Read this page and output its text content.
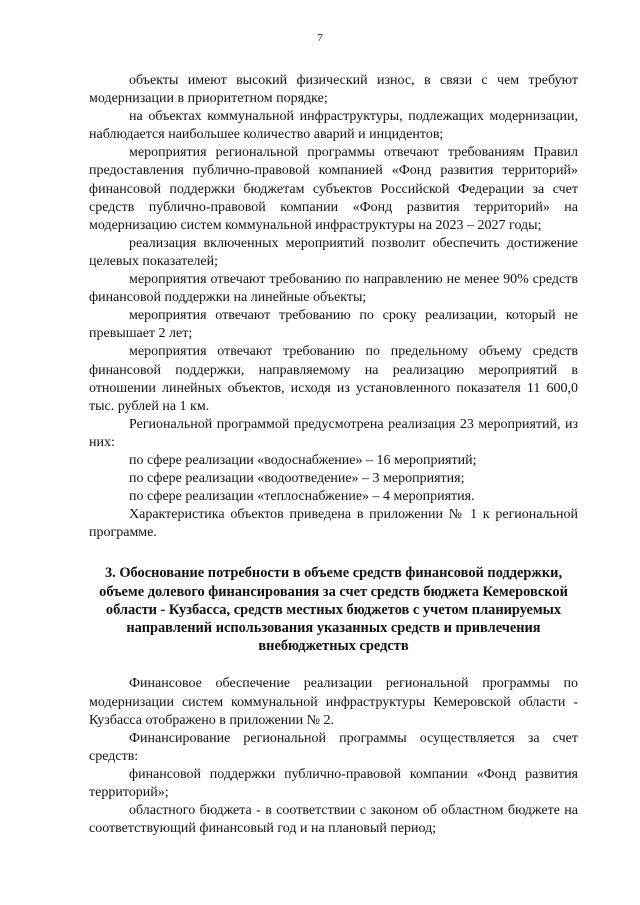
7

объекты имеют высокий физический износ, в связи с чем требуют модернизации в приоритетном порядке;

на объектах коммунальной инфраструктуры, подлежащих модернизации, наблюдается наибольшее количество аварий и инцидентов;

мероприятия региональной программы отвечают требованиям Правил предоставления публично-правовой компанией «Фонд развития территорий» финансовой поддержки бюджетам субъектов Российской Федерации за счет средств публично-правовой компании «Фонд развития территорий» на модернизацию систем коммунальной инфраструктуры на 2023 – 2027 годы;

реализация включенных мероприятий позволит обеспечить достижение целевых показателей;

мероприятия отвечают требованию по направлению не менее 90% средств финансовой поддержки на линейные объекты;

мероприятия отвечают требованию по сроку реализации, который не превышает 2 лет;

мероприятия отвечают требованию по предельному объему средств финансовой поддержки, направляемому на реализацию мероприятий в отношении линейных объектов, исходя из установленного показателя 11 600,0 тыс. рублей на 1 км.

Региональной программой предусмотрена реализация 23 мероприятий, из них:

по сфере реализации «водоснабжение» – 16 мероприятий;

по сфере реализации «водоотведение» – 3 мероприятия;

по сфере реализации «теплоснабжение» – 4 мероприятия.

Характеристика объектов приведена в приложении № 1 к региональной программе.

3. Обоснование потребности в объеме средств финансовой поддержки, объеме долевого финансирования за счет средств бюджета Кемеровской области - Кузбасса, средств местных бюджетов с учетом планируемых направлений использования указанных средств и привлечения внебюджетных средств

Финансовое обеспечение реализации региональной программы по модернизации систем коммунальной инфраструктуры Кемеровской области - Кузбасса отображено в приложении № 2.

Финансирование региональной программы осуществляется за счет средств:

финансовой поддержки публично-правовой компании «Фонд развития территорий»;

областного бюджета - в соответствии с законом об областном бюджете на соответствующий финансовый год и на плановый период;
